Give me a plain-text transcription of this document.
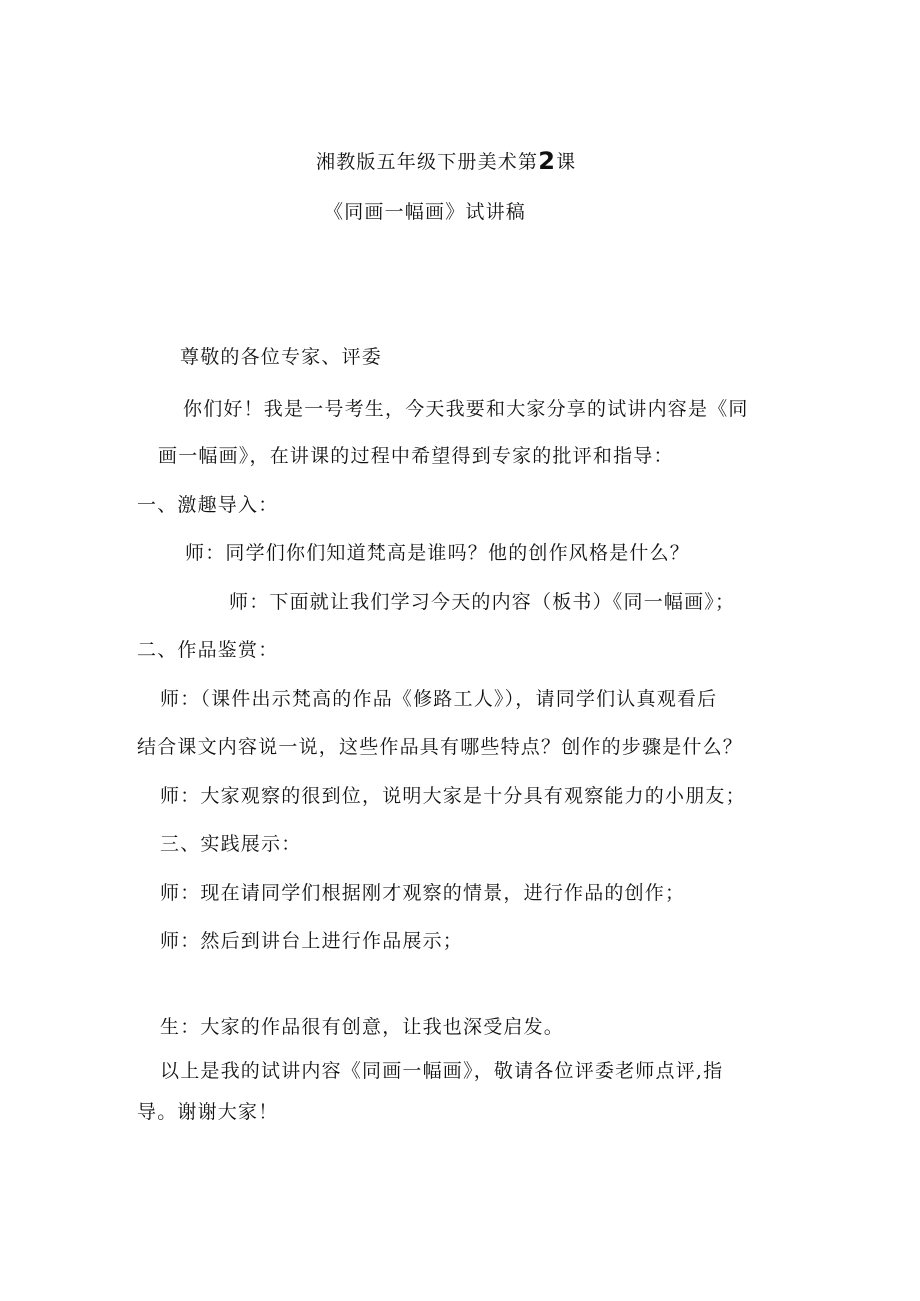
湘教版五年级下册美术第2课
《同画一幅画》试讲稿
尊敬的各位专家、评委
你们好！我是一号考生，今天我要和大家分享的试讲内容是《同
画一幅画》，在讲课的过程中希望得到专家的批评和指导：
一、激趣导入：
师：同学们你们知道梵高是谁吗？他的创作风格是什么？
师：下面就让我们学习今天的内容（板书）《同一幅画》；
二、作品鉴赏：
师：（课件出示梵高的作品《修路工人》），请同学们认真观看后
结合课文内容说一说，这些作品具有哪些特点？创作的步骤是什么？
师：大家观察的很到位，说明大家是十分具有观察能力的小朋友；
三、实践展示：
师：现在请同学们根据刚才观察的情景，进行作品的创作；
师：然后到讲台上进行作品展示；
生：大家的作品很有创意，让我也深受启发。
以上是我的试讲内容《同画一幅画》，敬请各位评委老师点评,指
导。谢谢大家！
